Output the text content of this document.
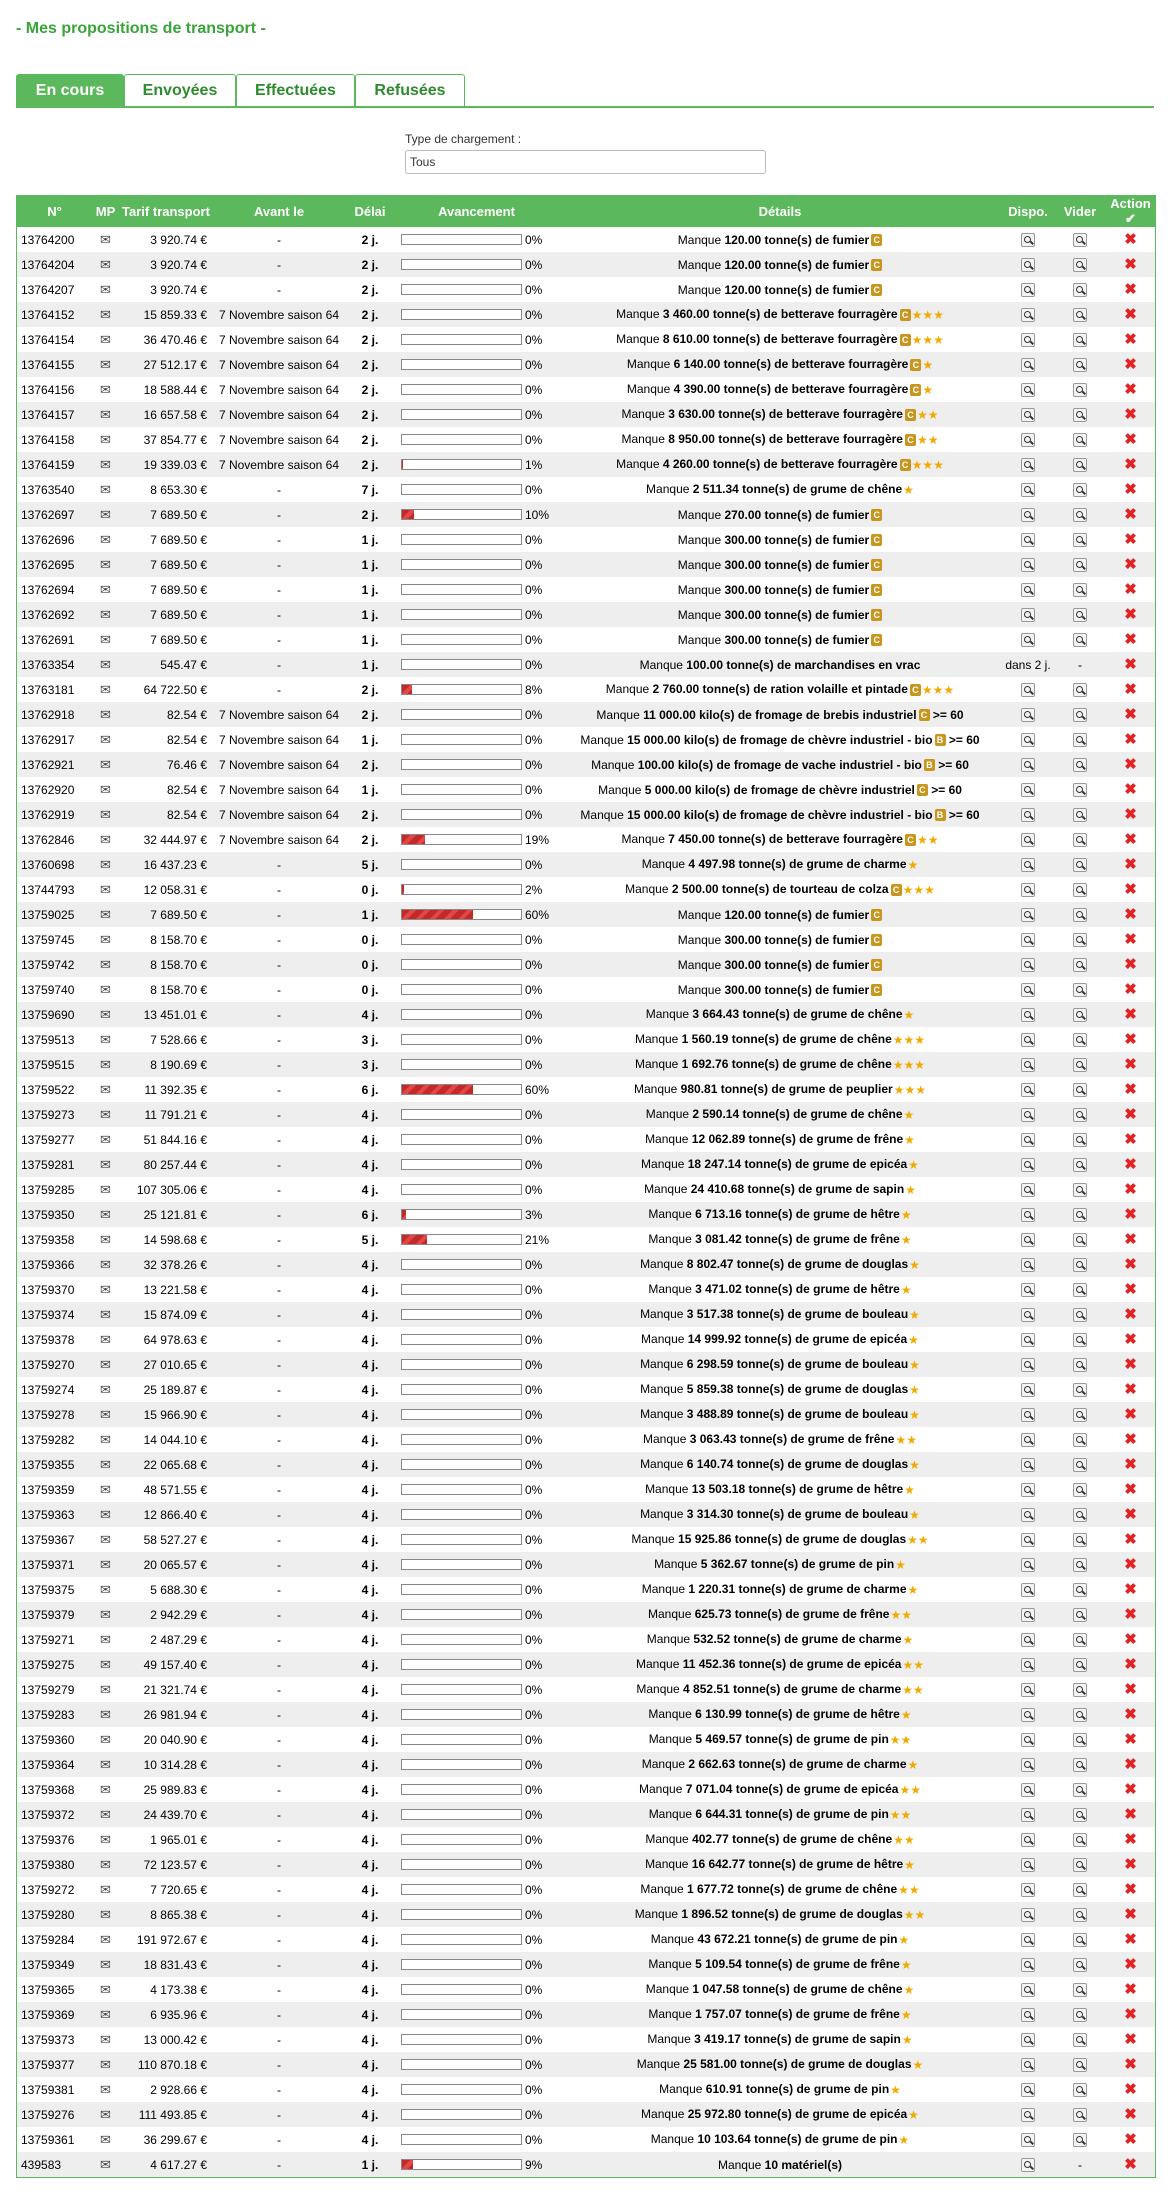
- Mes propositions de transport -
En cours	Envoyées	Effectuées	Refusées
Type de chargement :
Tous
N°	MP	Tarif transport	Avant le	Délai	Avancement	Détails	Dispo.	Vider	Action ✔
13764200	✉	3 920.74 €	-	2 j.	0%	Manque 120.00 tonne(s) de fumier C			✖
13764204	✉	3 920.74 €	-	2 j.	0%	Manque 120.00 tonne(s) de fumier C			✖
13764207	✉	3 920.74 €	-	2 j.	0%	Manque 120.00 tonne(s) de fumier C			✖
13764152	✉	15 859.33 €	7 Novembre saison 64	2 j.	0%	Manque 3 460.00 tonne(s) de betterave fourragère C ★★★			✖
13764154	✉	36 470.46 €	7 Novembre saison 64	2 j.	0%	Manque 8 610.00 tonne(s) de betterave fourragère C ★★★			✖
13764155	✉	27 512.17 €	7 Novembre saison 64	2 j.	0%	Manque 6 140.00 tonne(s) de betterave fourragère C ★			✖
13764156	✉	18 588.44 €	7 Novembre saison 64	2 j.	0%	Manque 4 390.00 tonne(s) de betterave fourragère C ★			✖
13764157	✉	16 657.58 €	7 Novembre saison 64	2 j.	0%	Manque 3 630.00 tonne(s) de betterave fourragère C ★★			✖
13764158	✉	37 854.77 €	7 Novembre saison 64	2 j.	0%	Manque 8 950.00 tonne(s) de betterave fourragère C ★★			✖
13764159	✉	19 339.03 €	7 Novembre saison 64	2 j.	1%	Manque 4 260.00 tonne(s) de betterave fourragère C ★★★			✖
13763540	✉	8 653.30 €	-	7 j.	0%	Manque 2 511.34 tonne(s) de grume de chêne★			✖
13762697	✉	7 689.50 €	-	2 j.	10%	Manque 270.00 tonne(s) de fumier C			✖
13762696	✉	7 689.50 €	-	1 j.	0%	Manque 300.00 tonne(s) de fumier C			✖
13762695	✉	7 689.50 €	-	1 j.	0%	Manque 300.00 tonne(s) de fumier C			✖
13762694	✉	7 689.50 €	-	1 j.	0%	Manque 300.00 tonne(s) de fumier C			✖
13762692	✉	7 689.50 €	-	1 j.	0%	Manque 300.00 tonne(s) de fumier C			✖
13762691	✉	7 689.50 €	-	1 j.	0%	Manque 300.00 tonne(s) de fumier C			✖
13763354	✉	545.47 €	-	1 j.	0%	Manque 100.00 tonne(s) de marchandises en vrac	dans 2 j.	-	✖
13763181	✉	64 722.50 €	-	2 j.	8%	Manque 2 760.00 tonne(s) de ration volaille et pintade C ★★★			✖
13762918	✉	82.54 €	7 Novembre saison 64	2 j.	0%	Manque 11 000.00 kilo(s) de fromage de brebis industriel C >= 60			✖
13762917	✉	82.54 €	7 Novembre saison 64	1 j.	0%	Manque 15 000.00 kilo(s) de fromage de chèvre industriel - bio B >= 60			✖
13762921	✉	76.46 €	7 Novembre saison 64	2 j.	0%	Manque 100.00 kilo(s) de fromage de vache industriel - bio B >= 60			✖
13762920	✉	82.54 €	7 Novembre saison 64	1 j.	0%	Manque 5 000.00 kilo(s) de fromage de chèvre industriel C >= 60			✖
13762919	✉	82.54 €	7 Novembre saison 64	2 j.	0%	Manque 15 000.00 kilo(s) de fromage de chèvre industriel - bio B >= 60			✖
13762846	✉	32 444.97 €	7 Novembre saison 64	2 j.	19%	Manque 7 450.00 tonne(s) de betterave fourragère C ★★			✖
13760698	✉	16 437.23 €	-	5 j.	0%	Manque 4 497.98 tonne(s) de grume de charme★			✖
13744793	✉	12 058.31 €	-	0 j.	2%	Manque 2 500.00 tonne(s) de tourteau de colza C ★★★			✖
13759025	✉	7 689.50 €	-	1 j.	60%	Manque 120.00 tonne(s) de fumier C			✖
13759745	✉	8 158.70 €	-	0 j.	0%	Manque 300.00 tonne(s) de fumier C			✖
13759742	✉	8 158.70 €	-	0 j.	0%	Manque 300.00 tonne(s) de fumier C			✖
13759740	✉	8 158.70 €	-	0 j.	0%	Manque 300.00 tonne(s) de fumier C			✖
13759690	✉	13 451.01 €	-	4 j.	0%	Manque 3 664.43 tonne(s) de grume de chêne★			✖
13759513	✉	7 528.66 €	-	3 j.	0%	Manque 1 560.19 tonne(s) de grume de chêne★★★			✖
13759515	✉	8 190.69 €	-	3 j.	0%	Manque 1 692.76 tonne(s) de grume de chêne★★★			✖
13759522	✉	11 392.35 €	-	6 j.	60%	Manque 980.81 tonne(s) de grume de peuplier★★★			✖
13759273	✉	11 791.21 €	-	4 j.	0%	Manque 2 590.14 tonne(s) de grume de chêne★			✖
13759277	✉	51 844.16 €	-	4 j.	0%	Manque 12 062.89 tonne(s) de grume de frêne★			✖
13759281	✉	80 257.44 €	-	4 j.	0%	Manque 18 247.14 tonne(s) de grume de epicéa★			✖
13759285	✉	107 305.06 €	-	4 j.	0%	Manque 24 410.68 tonne(s) de grume de sapin★			✖
13759350	✉	25 121.81 €	-	6 j.	3%	Manque 6 713.16 tonne(s) de grume de hêtre★			✖
13759358	✉	14 598.68 €	-	5 j.	21%	Manque 3 081.42 tonne(s) de grume de frêne★			✖
13759366	✉	32 378.26 €	-	4 j.	0%	Manque 8 802.47 tonne(s) de grume de douglas★			✖
13759370	✉	13 221.58 €	-	4 j.	0%	Manque 3 471.02 tonne(s) de grume de hêtre★			✖
13759374	✉	15 874.09 €	-	4 j.	0%	Manque 3 517.38 tonne(s) de grume de bouleau★			✖
13759378	✉	64 978.63 €	-	4 j.	0%	Manque 14 999.92 tonne(s) de grume de epicéa★			✖
13759270	✉	27 010.65 €	-	4 j.	0%	Manque 6 298.59 tonne(s) de grume de bouleau★			✖
13759274	✉	25 189.87 €	-	4 j.	0%	Manque 5 859.38 tonne(s) de grume de douglas★			✖
13759278	✉	15 966.90 €	-	4 j.	0%	Manque 3 488.89 tonne(s) de grume de bouleau★			✖
13759282	✉	14 044.10 €	-	4 j.	0%	Manque 3 063.43 tonne(s) de grume de frêne★★			✖
13759355	✉	22 065.68 €	-	4 j.	0%	Manque 6 140.74 tonne(s) de grume de douglas★			✖
13759359	✉	48 571.55 €	-	4 j.	0%	Manque 13 503.18 tonne(s) de grume de hêtre★			✖
13759363	✉	12 866.40 €	-	4 j.	0%	Manque 3 314.30 tonne(s) de grume de bouleau★			✖
13759367	✉	58 527.27 €	-	4 j.	0%	Manque 15 925.86 tonne(s) de grume de douglas★★			✖
13759371	✉	20 065.57 €	-	4 j.	0%	Manque 5 362.67 tonne(s) de grume de pin★			✖
13759375	✉	5 688.30 €	-	4 j.	0%	Manque 1 220.31 tonne(s) de grume de charme★			✖
13759379	✉	2 942.29 €	-	4 j.	0%	Manque 625.73 tonne(s) de grume de frêne★★			✖
13759271	✉	2 487.29 €	-	4 j.	0%	Manque 532.52 tonne(s) de grume de charme★			✖
13759275	✉	49 157.40 €	-	4 j.	0%	Manque 11 452.36 tonne(s) de grume de epicéa★★			✖
13759279	✉	21 321.74 €	-	4 j.	0%	Manque 4 852.51 tonne(s) de grume de charme★★			✖
13759283	✉	26 981.94 €	-	4 j.	0%	Manque 6 130.99 tonne(s) de grume de hêtre★			✖
13759360	✉	20 040.90 €	-	4 j.	0%	Manque 5 469.57 tonne(s) de grume de pin★★			✖
13759364	✉	10 314.28 €	-	4 j.	0%	Manque 2 662.63 tonne(s) de grume de charme★			✖
13759368	✉	25 989.83 €	-	4 j.	0%	Manque 7 071.04 tonne(s) de grume de epicéa★★			✖
13759372	✉	24 439.70 €	-	4 j.	0%	Manque 6 644.31 tonne(s) de grume de pin★★			✖
13759376	✉	1 965.01 €	-	4 j.	0%	Manque 402.77 tonne(s) de grume de chêne★★			✖
13759380	✉	72 123.57 €	-	4 j.	0%	Manque 16 642.77 tonne(s) de grume de hêtre★			✖
13759272	✉	7 720.65 €	-	4 j.	0%	Manque 1 677.72 tonne(s) de grume de chêne★★			✖
13759280	✉	8 865.38 €	-	4 j.	0%	Manque 1 896.52 tonne(s) de grume de douglas★★			✖
13759284	✉	191 972.67 €	-	4 j.	0%	Manque 43 672.21 tonne(s) de grume de pin★			✖
13759349	✉	18 831.43 €	-	4 j.	0%	Manque 5 109.54 tonne(s) de grume de frêne★			✖
13759365	✉	4 173.38 €	-	4 j.	0%	Manque 1 047.58 tonne(s) de grume de chêne★			✖
13759369	✉	6 935.96 €	-	4 j.	0%	Manque 1 757.07 tonne(s) de grume de frêne★			✖
13759373	✉	13 000.42 €	-	4 j.	0%	Manque 3 419.17 tonne(s) de grume de sapin★			✖
13759377	✉	110 870.18 €	-	4 j.	0%	Manque 25 581.00 tonne(s) de grume de douglas★			✖
13759381	✉	2 928.66 €	-	4 j.	0%	Manque 610.91 tonne(s) de grume de pin★			✖
13759276	✉	111 493.85 €	-	4 j.	0%	Manque 25 972.80 tonne(s) de grume de epicéa★			✖
13759361	✉	36 299.67 €	-	4 j.	0%	Manque 10 103.64 tonne(s) de grume de pin★			✖
439583	✉	4 617.27 €	-	1 j.	9%	Manque 10 matériel(s)		-	✖
